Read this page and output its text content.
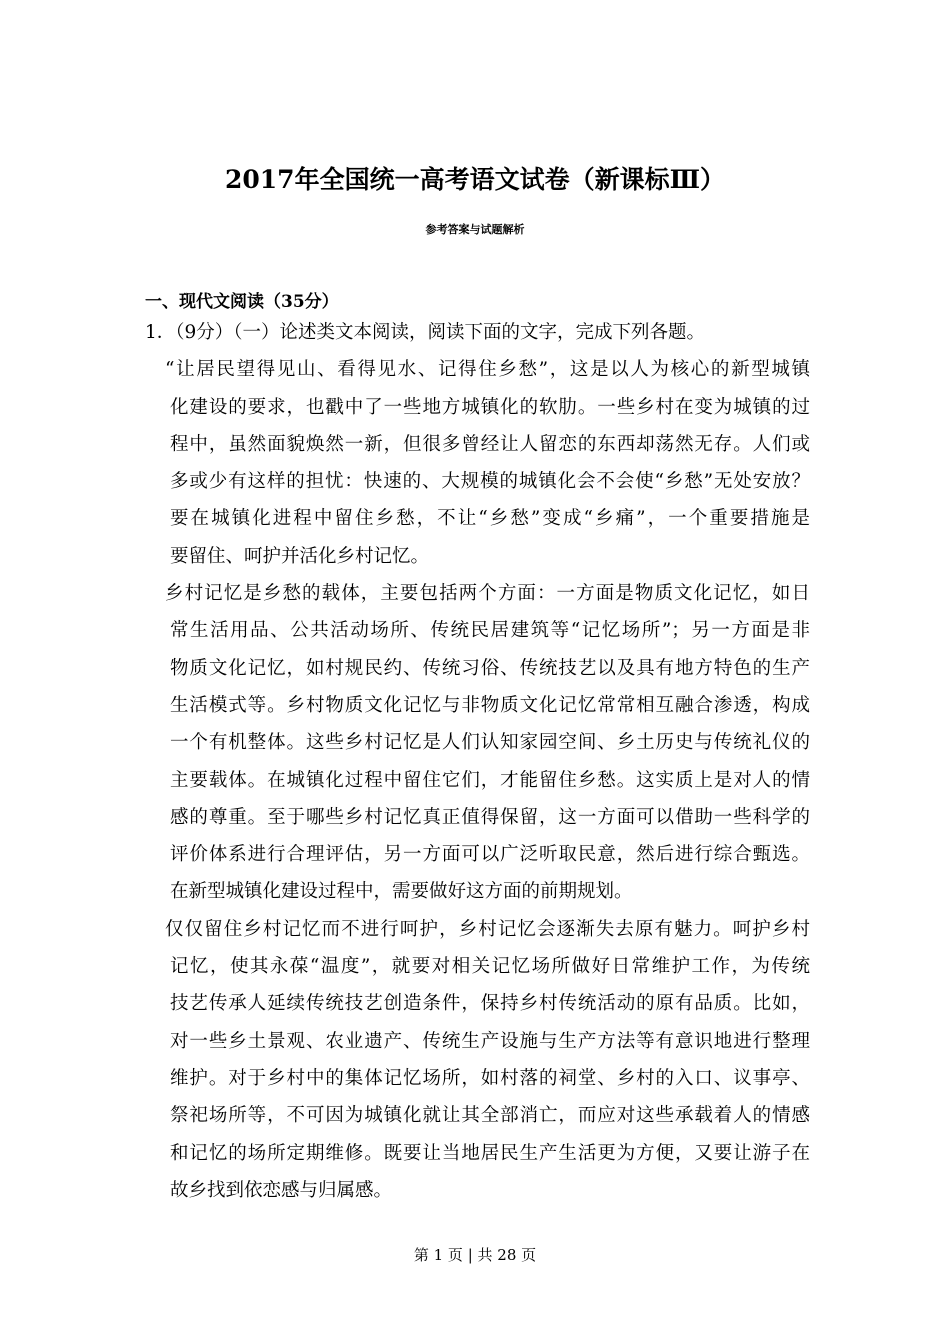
2017年全国统一高考语文试卷（新课标Ⅲ）
参考答案与试题解析
一、现代文阅读（35分）
1．（9分）（一）论述类文本阅读，阅读下面的文字，完成下列各题。
“让居民望得见山、看得见水、记得住乡愁”，这是以人为核心的新型城镇
化建设的要求，也戳中了一些地方城镇化的软肋。一些乡村在变为城镇的过
程中，虽然面貌焕然一新，但很多曾经让人留恋的东西却荡然无存。人们或
多或少有这样的担忧：快速的、大规模的城镇化会不会使“乡愁”无处安放？
要在城镇化进程中留住乡愁，不让“乡愁”变成“乡痛”，一个重要措施是
要留住、呵护并活化乡村记忆。
乡村记忆是乡愁的载体，主要包括两个方面：一方面是物质文化记忆，如日
常生活用品、公共活动场所、传统民居建筑等“记忆场所”；另一方面是非
物质文化记忆，如村规民约、传统习俗、传统技艺以及具有地方特色的生产
生活模式等。乡村物质文化记忆与非物质文化记忆常常相互融合渗透，构成
一个有机整体。这些乡村记忆是人们认知家园空间、乡土历史与传统礼仪的
主要载体。在城镇化过程中留住它们，才能留住乡愁。这实质上是对人的情
感的尊重。至于哪些乡村记忆真正值得保留，这一方面可以借助一些科学的
评价体系进行合理评估，另一方面可以广泛听取民意，然后进行综合甄选。
在新型城镇化建设过程中，需要做好这方面的前期规划。
仅仅留住乡村记忆而不进行呵护，乡村记忆会逐渐失去原有魅力。呵护乡村
记忆，使其永葆“温度”，就要对相关记忆场所做好日常维护工作，为传统
技艺传承人延续传统技艺创造条件，保持乡村传统活动的原有品质。比如，
对一些乡土景观、农业遗产、传统生产设施与生产方法等有意识地进行整理
维护。对于乡村中的集体记忆场所，如村落的祠堂、乡村的入口、议事亭、
祭祀场所等，不可因为城镇化就让其全部消亡，而应对这些承载着人的情感
和记忆的场所定期维修。既要让当地居民生产生活更为方便，又要让游子在
故乡找到依恋感与归属感。
第 1 页 | 共 28 页
